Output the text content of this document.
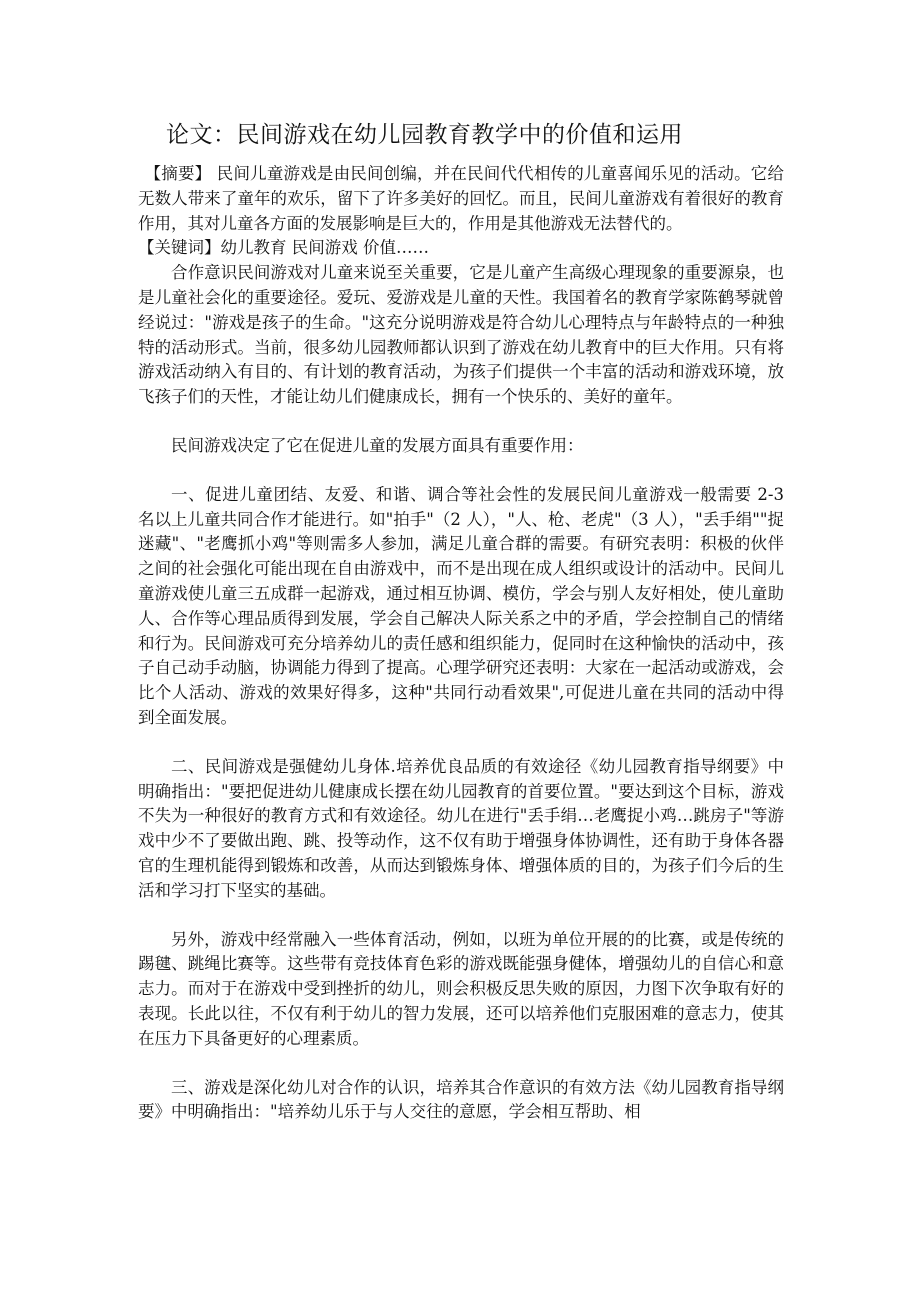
论文：民间游戏在幼儿园教育教学中的价值和运用

【摘要】 民间儿童游戏是由民间创编，并在民间代代相传的儿童喜闻乐见的活动。它给无数人带来了童年的欢乐，留下了许多美好的回忆。而且，民间儿童游戏有着很好的教育作用，其对儿童各方面的发展影响是巨大的，作用是其他游戏无法替代的。

【关键词】幼儿教育 民间游戏 价值……

合作意识民间游戏对儿童来说至关重要，它是儿童产生高级心理现象的重要源泉，也是儿童社会化的重要途径。爱玩、爱游戏是儿童的天性。我国着名的教育学家陈鹤琴就曾经说过："游戏是孩子的生命。"这充分说明游戏是符合幼儿心理特点与年龄特点的一种独特的活动形式。当前，很多幼儿园教师都认识到了游戏在幼儿教育中的巨大作用。只有将游戏活动纳入有目的、有计划的教育活动，为孩子们提供一个丰富的活动和游戏环境，放飞孩子们的天性，才能让幼儿们健康成长，拥有一个快乐的、美好的童年。

民间游戏决定了它在促进儿童的发展方面具有重要作用：

一、促进儿童团结、友爱、和谐、调合等社会性的发展民间儿童游戏一般需要 2-3 名以上儿童共同合作才能进行。如"拍手"（2 人），"人、枪、老虎"（3 人），"丢手绢""捉迷藏"、"老鹰抓小鸡"等则需多人参加，满足儿童合群的需要。有研究表明：积极的伙伴之间的社会强化可能出现在自由游戏中，而不是出现在成人组织或设计的活动中。民间儿童游戏使儿童三五成群一起游戏，通过相互协调、模仿，学会与别人友好相处，使儿童助人、合作等心理品质得到发展，学会自己解决人际关系之中的矛盾，学会控制自己的情绪和行为。民间游戏可充分培养幼儿的责任感和组织能力，促同时在这种愉快的活动中，孩子自己动手动脑，协调能力得到了提高。心理学研究还表明：大家在一起活动或游戏，会比个人活动、游戏的效果好得多，这种"共同行动看效果",可促进儿童在共同的活动中得到全面发展。

二、民间游戏是强健幼儿身体.培养优良品质的有效途径《幼儿园教育指导纲要》中明确指出："要把促进幼儿健康成长摆在幼儿园教育的首要位置。"要达到这个目标，游戏不失为一种很好的教育方式和有效途径。幼儿在进行"丢手绢…老鹰捉小鸡…跳房子"等游戏中少不了要做出跑、跳、投等动作，这不仅有助于增强身体协调性，还有助于身体各器官的生理机能得到锻炼和改善，从而达到锻炼身体、增强体质的目的，为孩子们今后的生活和学习打下坚实的基础。

另外，游戏中经常融入一些体育活动，例如，以班为单位开展的的比赛，或是传统的踢毽、跳绳比赛等。这些带有竞技体育色彩的游戏既能强身健体，增强幼儿的自信心和意志力。而对于在游戏中受到挫折的幼儿，则会积极反思失败的原因，力图下次争取有好的表现。长此以往，不仅有利于幼儿的智力发展，还可以培养他们克服困难的意志力，使其在压力下具备更好的心理素质。

三、游戏是深化幼儿对合作的认识，培养其合作意识的有效方法《幼儿园教育指导纲要》中明确指出："培养幼儿乐于与人交往的意愿，学会相互帮助、相
